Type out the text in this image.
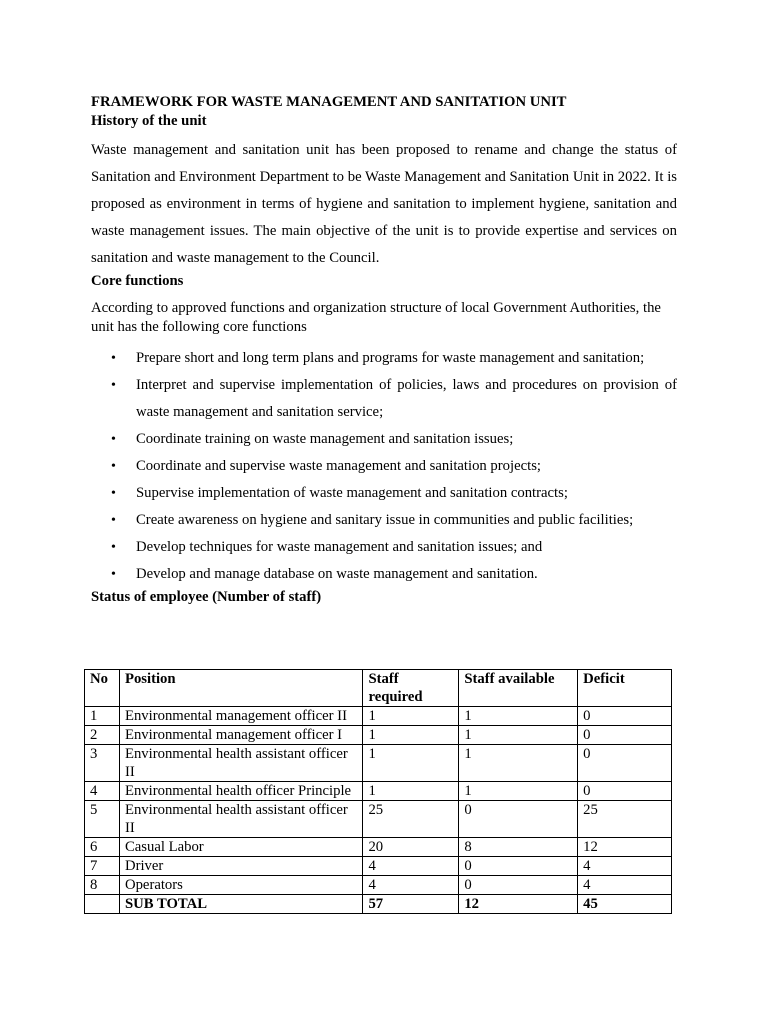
FRAMEWORK FOR WASTE MANAGEMENT AND SANITATION UNIT
History of the unit

Waste management and sanitation unit has been proposed to rename and change the status of Sanitation and Environment Department to be Waste Management and Sanitation Unit in 2022. It is proposed as environment in terms of hygiene and sanitation to implement hygiene, sanitation and waste management issues. The main objective of the unit is to provide expertise and services on sanitation and waste management to the Council.

Core functions

According to approved functions and organization structure of local Government Authorities, the unit has the following core functions

• Prepare short and long term plans and programs for waste management and sanitation;
• Interpret and supervise implementation of policies, laws and procedures on provision of waste management and sanitation service;
• Coordinate training on waste management and sanitation issues;
• Coordinate and supervise waste management and sanitation projects;
• Supervise implementation of waste management and sanitation contracts;
• Create awareness on hygiene and sanitary issue in communities and public facilities;
• Develop techniques for waste management and sanitation issues; and
• Develop and manage database on waste management and sanitation.
Status of employee (Number of staff)
No	Position	Staff required	Staff available	Deficit
1	Environmental management officer II	1	1	0
2	Environmental management officer I	1	1	0
3	Environmental health assistant officer II	1	1	0
4	Environmental health officer Principle	1	1	0
5	Environmental health assistant officer II	25	0	25
6	Casual Labor	20	8	12
7	Driver	4	0	4
8	Operators	4	0	4
	SUB TOTAL	57	12	45
